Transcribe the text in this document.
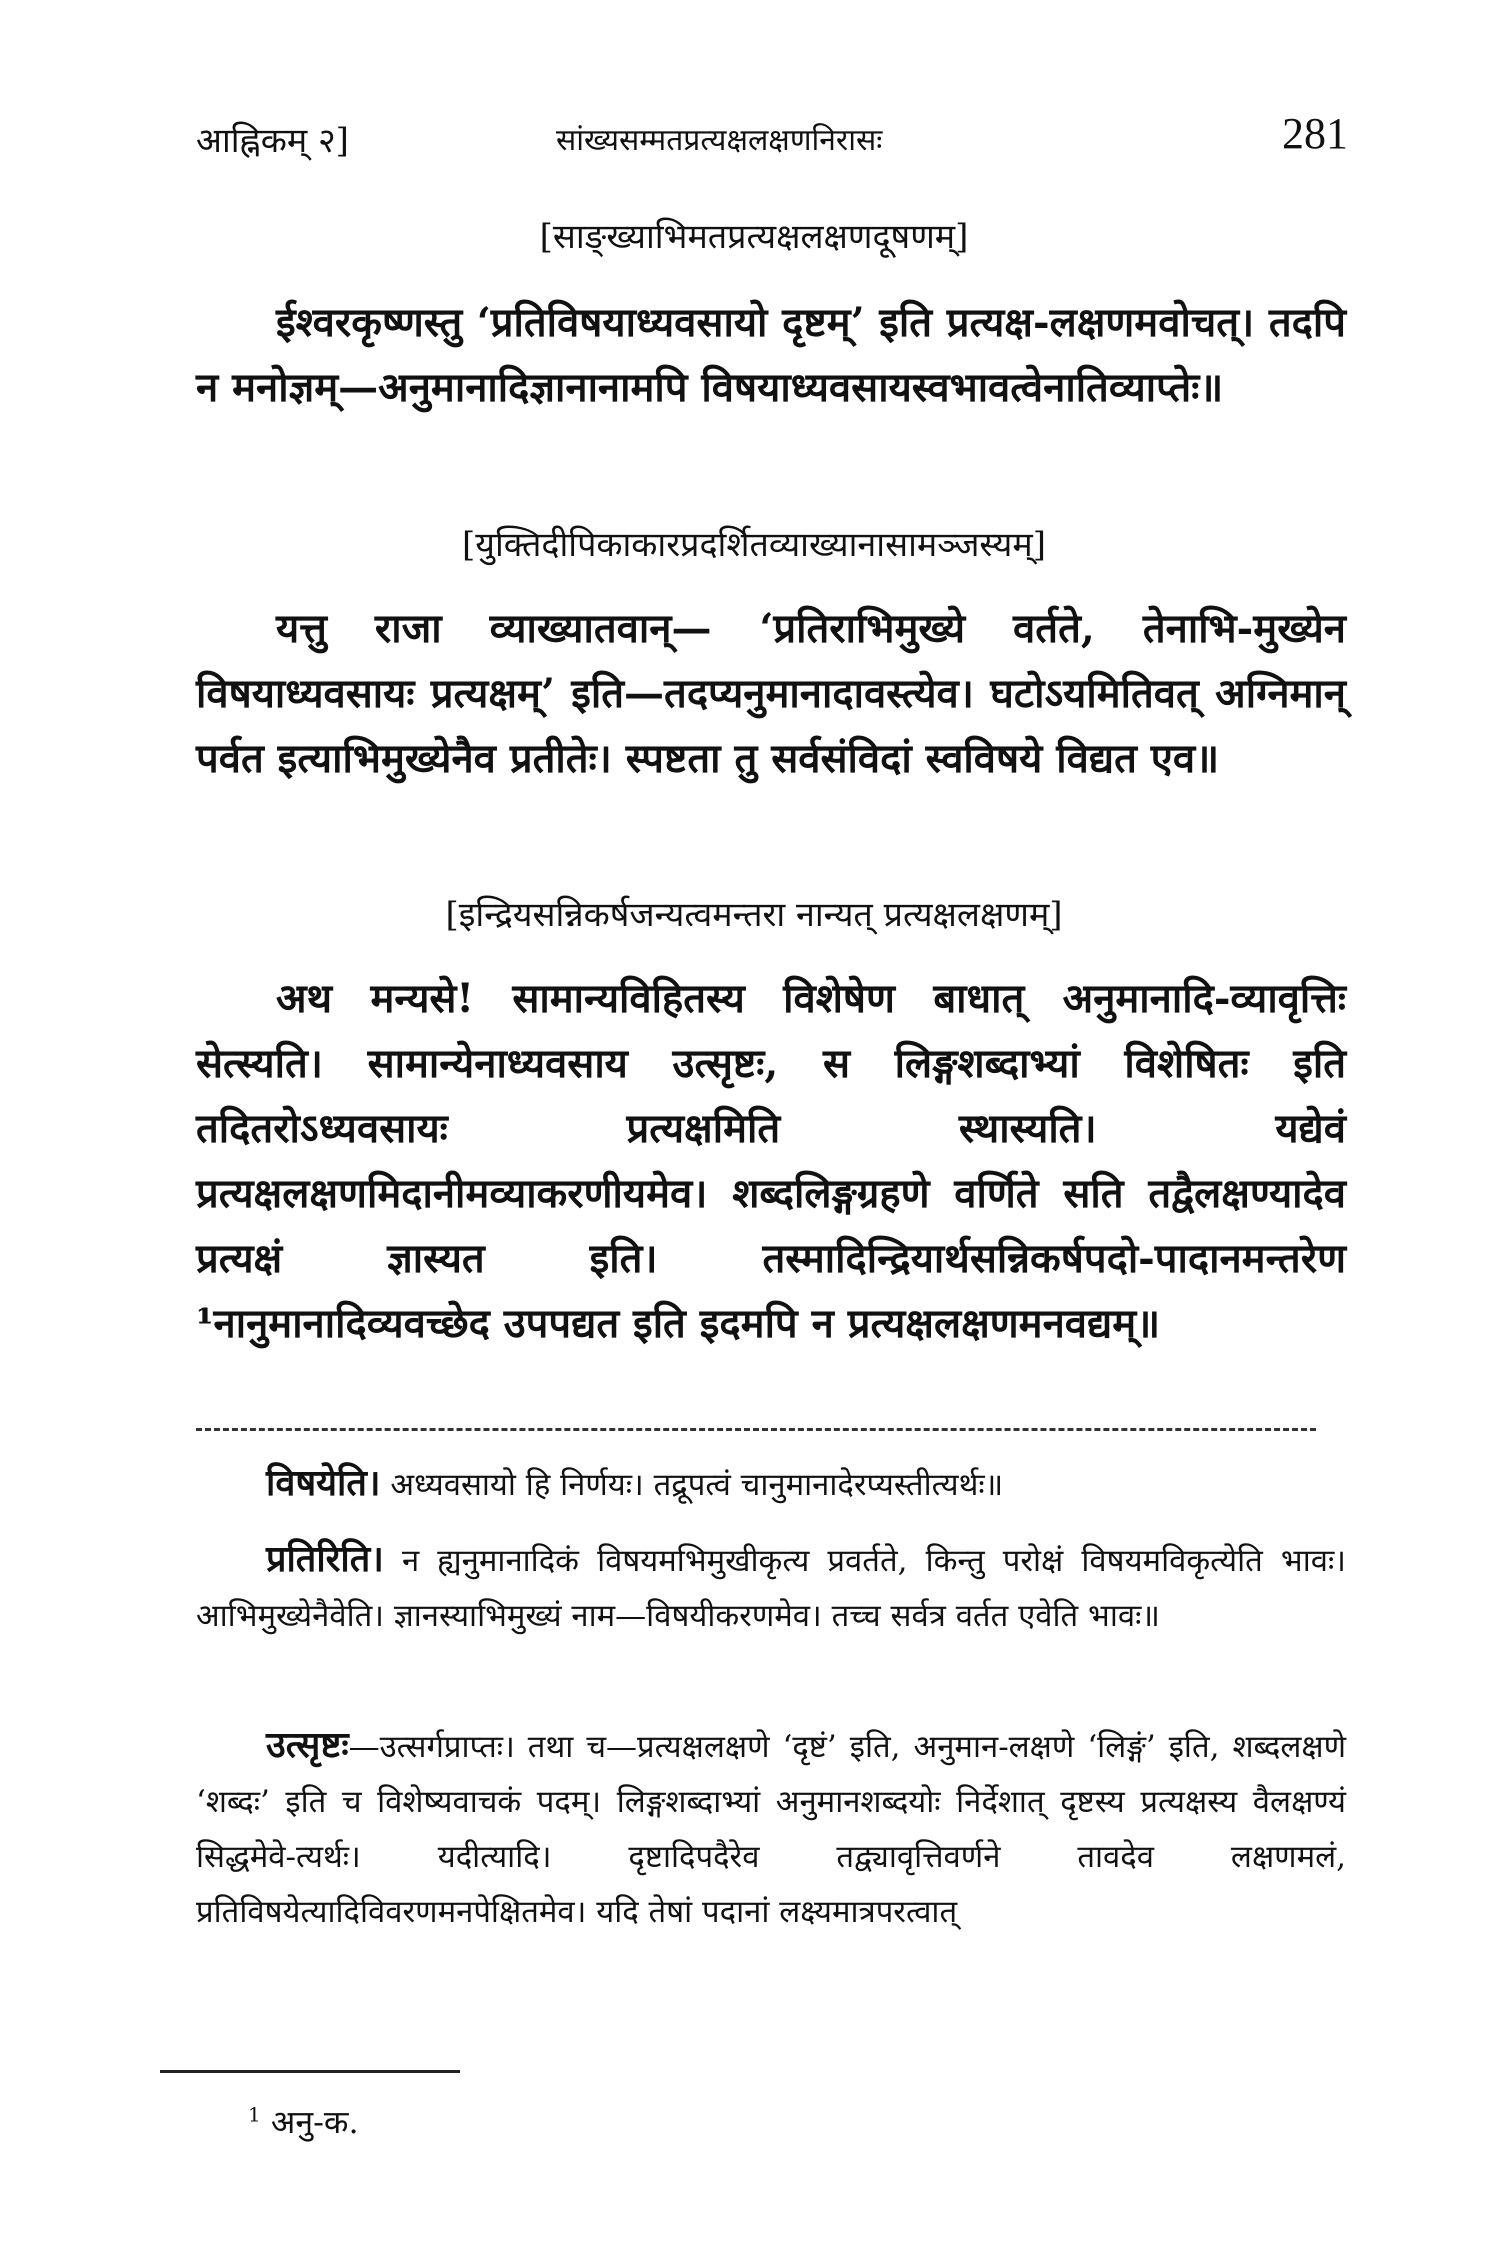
आह्निकम् २]	सांख्यसम्मतप्रत्यक्षलक्षणनिरासः	281
[साङ्ख्याभिमतप्रत्यक्षलक्षणदूषणम्]
ईश्वरकृष्णस्तु ‘प्रतिविषयाध्यवसायो दृष्टम्’ इति प्रत्यक्ष-लक्षणमवोचत्। तदपि न मनोज्ञम्—अनुमानादिज्ञानानामपि विषयाध्यवसायस्वभावत्वेनातिव्याप्तेः॥
[युक्तिदीपिकाकारप्रदर्शितव्याख्यानासामञ्जस्यम्]
यत्तु राजा व्याख्यातवान्— ‘प्रतिराभिमुख्ये वर्तते, तेनाभि-मुख्येन विषयाध्यवसायः प्रत्यक्षम्’ इति—तदप्यनुमानादावस्त्येव। घटोऽयमितिवत् अग्निमान् पर्वत इत्याभिमुख्येनैव प्रतीतेः। स्पष्टता तु सर्वसंविदां स्वविषये विद्यत एव॥
[इन्द्रियसन्निकर्षजन्यत्वमन्तरा नान्यत् प्रत्यक्षलक्षणम्]
अथ मन्यसे! सामान्यविहितस्य विशेषेण बाधात् अनुमानादि-व्यावृत्तिः सेत्स्यति। सामान्येनाध्यवसाय उत्सृष्टः, स लिङ्गशब्दाभ्यां विशेषितः इति तदितरोऽध्यवसायः प्रत्यक्षमिति स्थास्यति। यद्येवं प्रत्यक्षलक्षणमिदानीमव्याकरणीयमेव। शब्दलिङ्गग्रहणे वर्णिते सति तद्वैलक्षण्यादेव प्रत्यक्षं ज्ञास्यत इति। तस्मादिन्द्रियार्थसन्निकर्षपदो-पादानमन्तरेण ¹नानुमानादिव्यवच्छेद उपपद्यत इति इदमपि न प्रत्यक्षलक्षणमनवद्यम्॥
विषयेति। अध्यवसायो हि निर्णयः। तद्रूपत्वं चानुमानादेरप्यस्तीत्यर्थः॥
प्रतिरिति। न ह्यनुमानादिकं विषयमभिमुखीकृत्य प्रवर्तते, किन्तु परोक्षं विषयमविकृत्येति भावः। आभिमुख्येनैवेति। ज्ञानस्याभिमुख्यं नाम—विषयीकरणमेव। तच्च सर्वत्र वर्तत एवेति भावः॥
उत्सृष्टः—उत्सर्गप्राप्तः। तथा च—प्रत्यक्षलक्षणे ‘दृष्टं’ इति, अनुमान-लक्षणे ‘लिङ्गं’ इति, शब्दलक्षणे ‘शब्दः’ इति च विशेष्यवाचकं पदम्। लिङ्गशब्दाभ्यां अनुमानशब्दयोः निर्देशात् दृष्टस्य प्रत्यक्षस्य वैलक्षण्यं सिद्धमेवे-त्यर्थः। यदीत्यादि। दृष्टादिपदैरेव तद्व्यावृत्तिवर्णने तावदेव लक्षणमलं, प्रतिविषयेत्यादिविवरणमनपेक्षितमेव। यदि तेषां पदानां लक्ष्यमात्रपरत्वात्
$^1$ अनु-क.
